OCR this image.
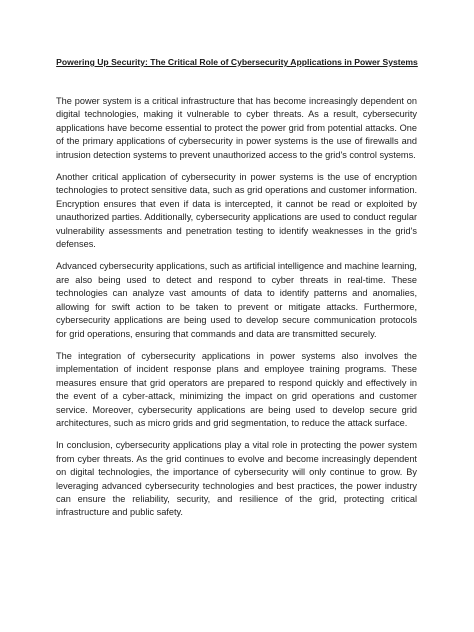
Powering Up Security: The Critical Role of Cybersecurity Applications in Power Systems

The power system is a critical infrastructure that has become increasingly dependent on digital technologies, making it vulnerable to cyber threats. As a result, cybersecurity applications have become essential to protect the power grid from potential attacks. One of the primary applications of cybersecurity in power systems is the use of firewalls and intrusion detection systems to prevent unauthorized access to the grid's control systems.

Another critical application of cybersecurity in power systems is the use of encryption technologies to protect sensitive data, such as grid operations and customer information. Encryption ensures that even if data is intercepted, it cannot be read or exploited by unauthorized parties. Additionally, cybersecurity applications are used to conduct regular vulnerability assessments and penetration testing to identify weaknesses in the grid's defenses.

Advanced cybersecurity applications, such as artificial intelligence and machine learning, are also being used to detect and respond to cyber threats in real-time. These technologies can analyze vast amounts of data to identify patterns and anomalies, allowing for swift action to be taken to prevent or mitigate attacks. Furthermore, cybersecurity applications are being used to develop secure communication protocols for grid operations, ensuring that commands and data are transmitted securely.

The integration of cybersecurity applications in power systems also involves the implementation of incident response plans and employee training programs. These measures ensure that grid operators are prepared to respond quickly and effectively in the event of a cyber-attack, minimizing the impact on grid operations and customer service. Moreover, cybersecurity applications are being used to develop secure grid architectures, such as micro grids and grid segmentation, to reduce the attack surface.

In conclusion, cybersecurity applications play a vital role in protecting the power system from cyber threats. As the grid continues to evolve and become increasingly dependent on digital technologies, the importance of cybersecurity will only continue to grow. By leveraging advanced cybersecurity technologies and best practices, the power industry can ensure the reliability, security, and resilience of the grid, protecting critical infrastructure and public safety.
